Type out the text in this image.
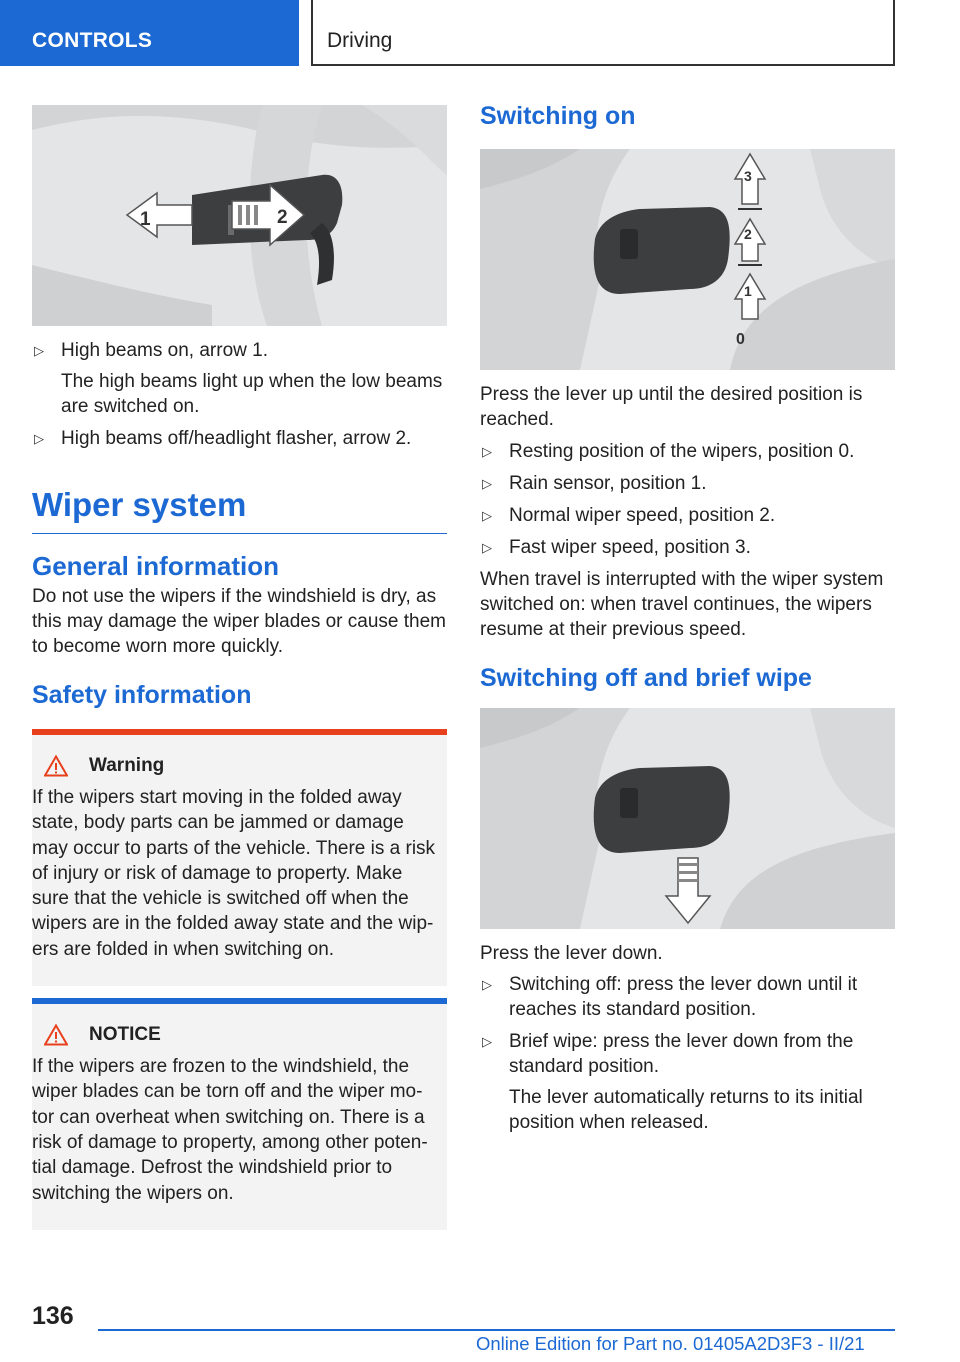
CONTROLS	Driving
1	2
▷ High beams on, arrow 1.
The high beams light up when the low beams are switched on.
▷ High beams off/headlight flasher, arrow 2.
Wiper system
General information

Do not use the wipers if the windshield is dry, as this may damage the wiper blades or cause them to become worn more quickly.

Safety information
Warning

If the wipers start moving in the folded away state, body parts can be jammed or damage may occur to parts of the vehicle. There is a risk of injury or risk of damage to property. Make sure that the vehicle is switched off when the wipers are in the folded away state and the wip‐ ers are folded in when switching on.

NOTICE

If the wipers are frozen to the windshield, the wiper blades can be torn off and the wiper mo‐ tor can overheat when switching on. There is a risk of damage to property, among other poten‐ tial damage. Defrost the windshield prior to switching the wipers on.

Switching on
3
2
1
0

Press the lever up until the desired position is reached.

▷ Resting position of the wipers, position 0.
▷ Rain sensor, position 1.
▷ Normal wiper speed, position 2.
▷ Fast wiper speed, position 3.

When travel is interrupted with the wiper system switched on: when travel continues, the wipers resume at their previous speed.

Switching off and brief wipe

Press the lever down.

▷ Switching off: press the lever down until it reaches its standard position.
▷ Brief wipe: press the lever down from the standard position.
The lever automatically returns to its initial position when released.
136
Online Edition for Part no. 01405A2D3F3 - II/21
